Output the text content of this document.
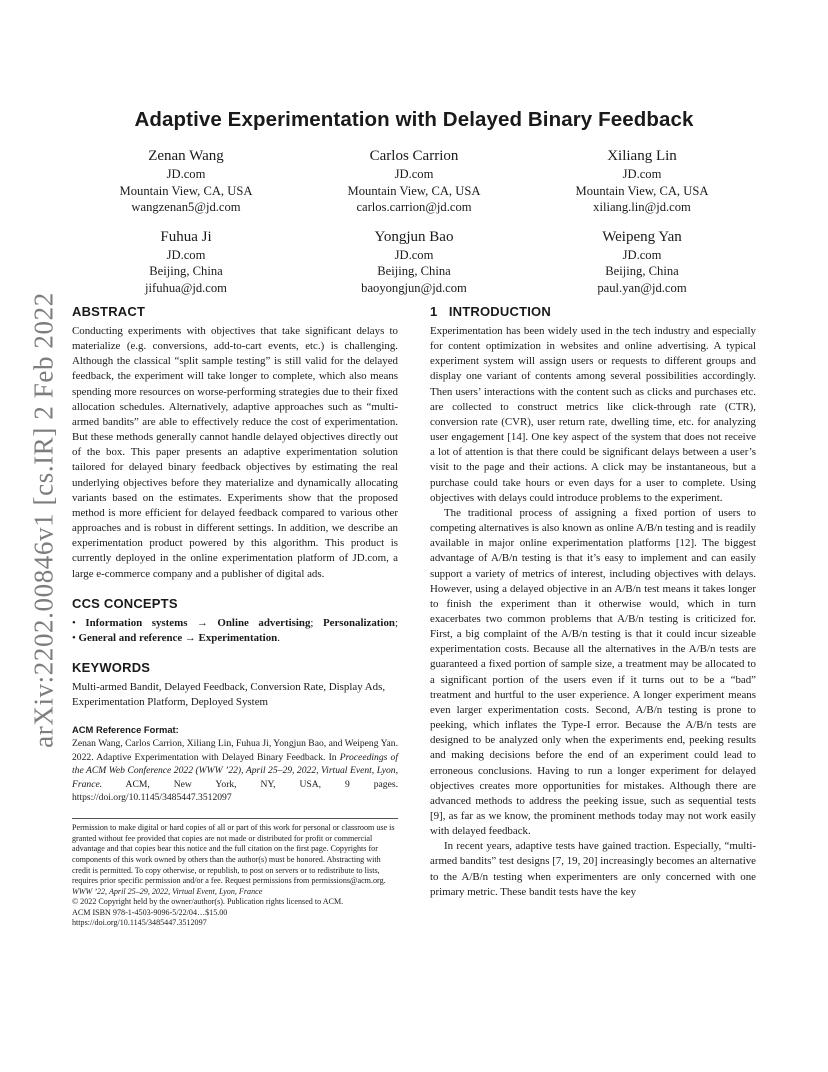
Adaptive Experimentation with Delayed Binary Feedback
Zenan Wang
JD.com
Mountain View, CA, USA
wangzenan5@jd.com
Carlos Carrion
JD.com
Mountain View, CA, USA
carlos.carrion@jd.com
Xiliang Lin
JD.com
Mountain View, CA, USA
xiliang.lin@jd.com
Fuhua Ji
JD.com
Beijing, China
jifuhua@jd.com
Yongjun Bao
JD.com
Beijing, China
baoyongjun@jd.com
Weipeng Yan
JD.com
Beijing, China
paul.yan@jd.com
arXiv:2202.00846v1 [cs.IR] 2 Feb 2022 ABSTRACT

Conducting experiments with objectives that take significant delays to materialize (e.g. conversions, add-to-cart events, etc.) is challenging. Although the classical “split sample testing” is still valid for the delayed feedback, the experiment will take longer to complete, which also means spending more resources on worse-performing strategies due to their fixed allocation schedules. Alternatively, adaptive approaches such as “multi-armed bandits” are able to effectively reduce the cost of experimentation. But these methods generally cannot handle delayed objectives directly out of the box. This paper presents an adaptive experimentation solution tailored for delayed binary feedback objectives by estimating the real underlying objectives before they materialize and dynamically allocating variants based on the estimates. Experiments show that the proposed method is more efficient for delayed feedback compared to various other approaches and is robust in different settings. In addition, we describe an experimentation product powered by this algorithm. This product is currently deployed in the online experimentation platform of JD.com, a large e-commerce company and a publisher of digital ads.

CCS CONCEPTS

• Information systems → Online advertising; Personalization; • General and reference → Experimentation.

KEYWORDS

Multi-armed Bandit, Delayed Feedback, Conversion Rate, Display Ads, Experimentation Platform, Deployed System

ACM Reference Format:

Zenan Wang, Carlos Carrion, Xiliang Lin, Fuhua Ji, Yongjun Bao, and Weipeng Yan. 2022. Adaptive Experimentation with Delayed Binary Feedback. In Proceedings of the ACM Web Conference 2022 (WWW ’22), April 25–29, 2022, Virtual Event, Lyon, France. ACM, New York, NY, USA, 9 pages. https://doi.org/10.1145/3485447.3512097

Permission to make digital or hard copies of all or part of this work for personal or classroom use is granted without fee provided that copies are not made or distributed for profit or commercial advantage and that copies bear this notice and the full citation on the first page. Copyrights for components of this work owned by others than the author(s) must be honored. Abstracting with credit is permitted. To copy otherwise, or republish, to post on servers or to redistribute to lists, requires prior specific permission and/or a fee. Request permissions from permissions@acm.org.

WWW ’22, April 25–29, 2022, Virtual Event, Lyon, France

© 2022 Copyright held by the owner/author(s). Publication rights licensed to ACM.

ACM ISBN 978-1-4503-9096-5/22/04…$15.00

https://doi.org/10.1145/3485447.3512097

1   INTRODUCTION

Experimentation has been widely used in the tech industry and especially for content optimization in websites and online advertising. A typical experiment system will assign users or requests to different groups and display one variant of contents among several possibilities accordingly. Then users’ interactions with the content such as clicks and purchases etc. are collected to construct metrics like click-through rate (CTR), conversion rate (CVR), user return rate, dwelling time, etc. for analyzing user engagement [14]. One key aspect of the system that does not receive a lot of attention is that there could be significant delays between a user’s visit to the page and their actions. A click may be instantaneous, but a purchase could take hours or even days for a user to complete. Using objectives with delays could introduce problems to the experiment.

The traditional process of assigning a fixed portion of users to competing alternatives is also known as online A/B/n testing and is readily available in major online experimentation platforms [12]. The biggest advantage of A/B/n testing is that it’s easy to implement and can easily support a variety of metrics of interest, including objectives with delays. However, using a delayed objective in an A/B/n test means it takes longer to finish the experiment than it otherwise would, which in turn exacerbates two common problems that A/B/n testing is criticized for. First, a big complaint of the A/B/n testing is that it could incur sizeable experimentation costs. Because all the alternatives in the A/B/n tests are guaranteed a fixed portion of sample size, a treatment may be allocated to a significant portion of the users even if it turns out to be a “bad” treatment and hurtful to the user experience. A longer experiment means even larger experimentation costs. Second, A/B/n testing is prone to peeking, which inflates the Type-I error. Because the A/B/n tests are designed to be analyzed only when the experiments end, peeking results and making decisions before the end of an experiment could lead to erroneous conclusions. Having to run a longer experiment for delayed objectives creates more opportunities for mistakes. Although there are advanced methods to address the peeking issue, such as sequential tests [9], as far as we know, the prominent methods today may not work easily with delayed feedback.

In recent years, adaptive tests have gained traction. Especially, “multi-armed bandits” test designs [7, 19, 20] increasingly becomes an alternative to the A/B/n testing when experimenters are only concerned with one primary metric. These bandit tests have the key
